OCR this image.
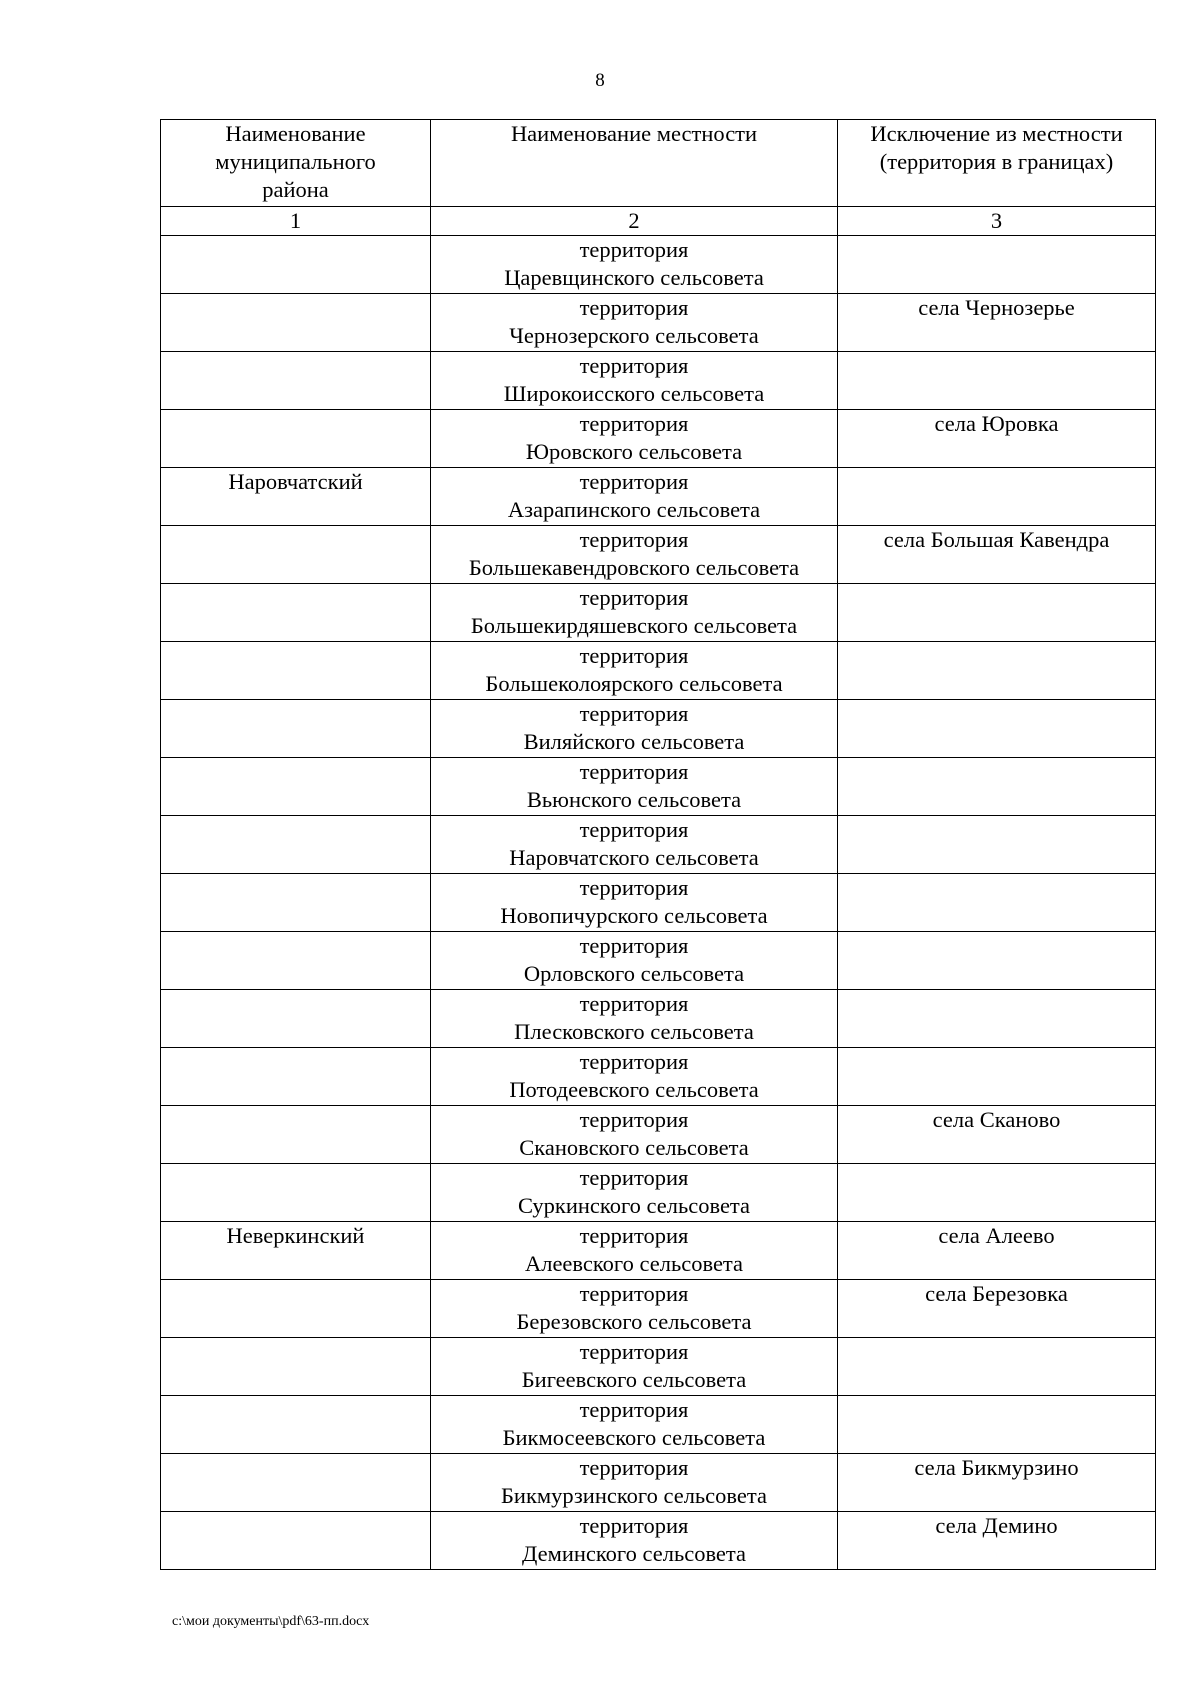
8
Наименование
муниципального
района	Наименование местности	Исключение из местности
(территория в границах)

1	2	3

	территория
Царевщинского сельсовета	

	территория
Чернозерского сельсовета	села Чернозерье

	территория
Широкоисского сельсовета	

	территория
Юровского сельсовета	села Юровка
Наровчатский	территория
Азарапинского сельсовета	

	территория
Большекавендровского сельсовета	села Большая Кавендра

	территория
Большекирдяшевского сельсовета	

	территория
Большеколоярского сельсовета	

	территория
Виляйского сельсовета	

	территория
Вьюнского сельсовета	

	территория
Наровчатского сельсовета	

	территория
Новопичурского сельсовета	

	территория
Орловского сельсовета	

	территория
Плесковского сельсовета	

	территория
Потодеевского сельсовета	

	территория
Скановского сельсовета	села Сканово

	территория
Суркинского сельсовета	

Неверкинский	территория
Алеевского сельсовета	села Алеево

	территория
Березовского сельсовета	села Березовка

	территория
Бигеевского сельсовета	

	территория
Бикмосеевского сельсовета	

	территория
Бикмурзинского сельсовета	села Бикмурзино

	территория
Деминского сельсовета	села Демино
c:\мои документы\pdf\63-пп.docx
